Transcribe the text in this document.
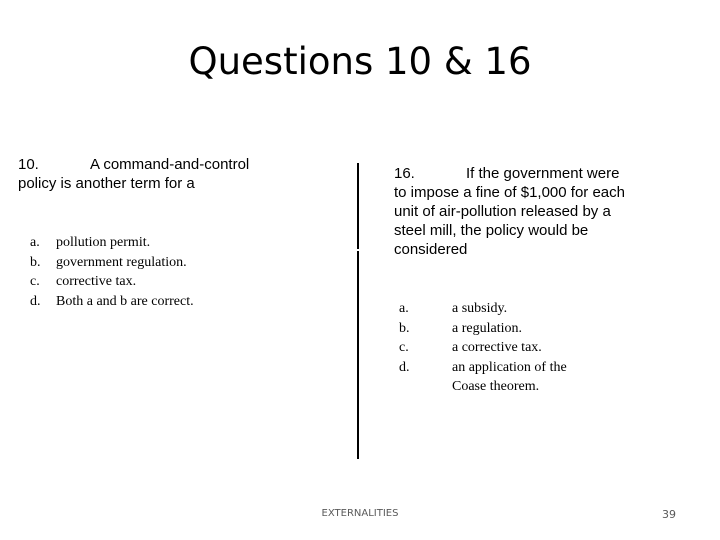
Questions 10 & 16
10.	A command-and-control policy is another term for a
a.	pollution permit.
b.	government regulation.
c.	corrective tax.
d.	Both a and b are correct.
16.	If the government were to impose a fine of $1,000 for each unit of air-pollution released by a steel mill, the policy would be considered
a.	a subsidy.
b.	a regulation.
c.	a corrective tax.
d.	an application of the Coase theorem.
EXTERNALITIES	39
